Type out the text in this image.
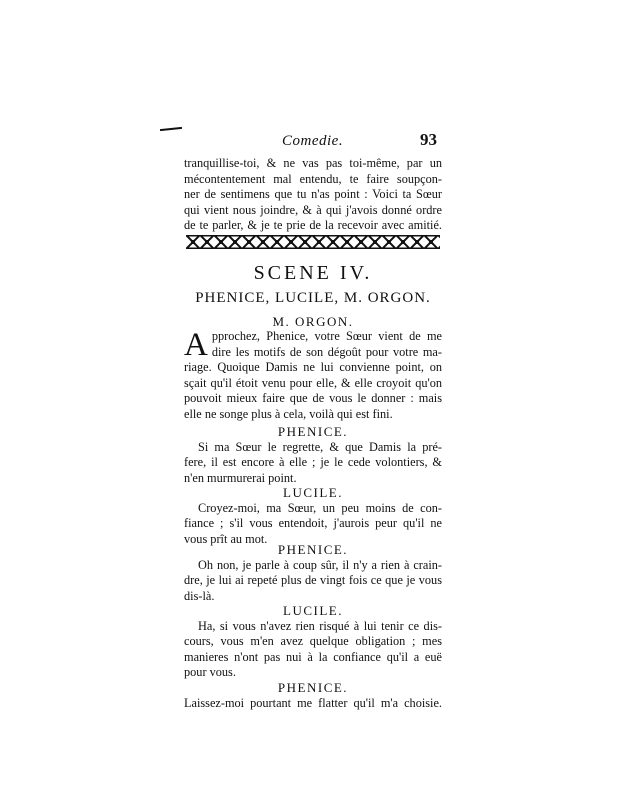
Comedie.	93
tranquillise-toi, & ne vas pas toi-même, par un
mécontentement mal entendu, te faire soupçon-
ner de sentimens que tu n'as point : Voici ta Sœur
qui vient nous joindre, & à qui j'avois donné ordre
de te parler, & je te prie de la recevoir avec amitié.
SCENE IV.
PHENICE, LUCILE, M. ORGON.
M. ORGON.
A pprochez, Phenice, votre Sœur vient de me
dire les motifs de son dégoût pour votre ma-
riage. Quoique Damis ne lui convienne point, on
sçait qu'il étoit venu pour elle, & elle croyoit qu'on
pouvoit mieux faire que de vous le donner : mais
elle ne songe plus à cela, voilà qui est fini.
PHENICE.
Si ma Sœur le regrette, & que Damis la pré-
fere, il est encore à elle ; je le cede volontiers, &
n'en murmurerai point.
LUCILE.
Croyez-moi, ma Sœur, un peu moins de con-
fiance ; s'il vous entendoit, j'aurois peur qu'il ne
vous prît au mot.
PHENICE.
Oh non, je parle à coup sûr, il n'y a rien à crain-
dre, je lui ai repeté plus de vingt fois ce que je vous
dis-là.
LUCILE.
Ha, si vous n'avez rien risqué à lui tenir ce dis-
cours, vous m'en avez quelque obligation ; mes
manieres n'ont pas nui à la confiance qu'il a euë
pour vous.
PHENICE.
Laissez-moi pourtant me flatter qu'il m'a choisie.
